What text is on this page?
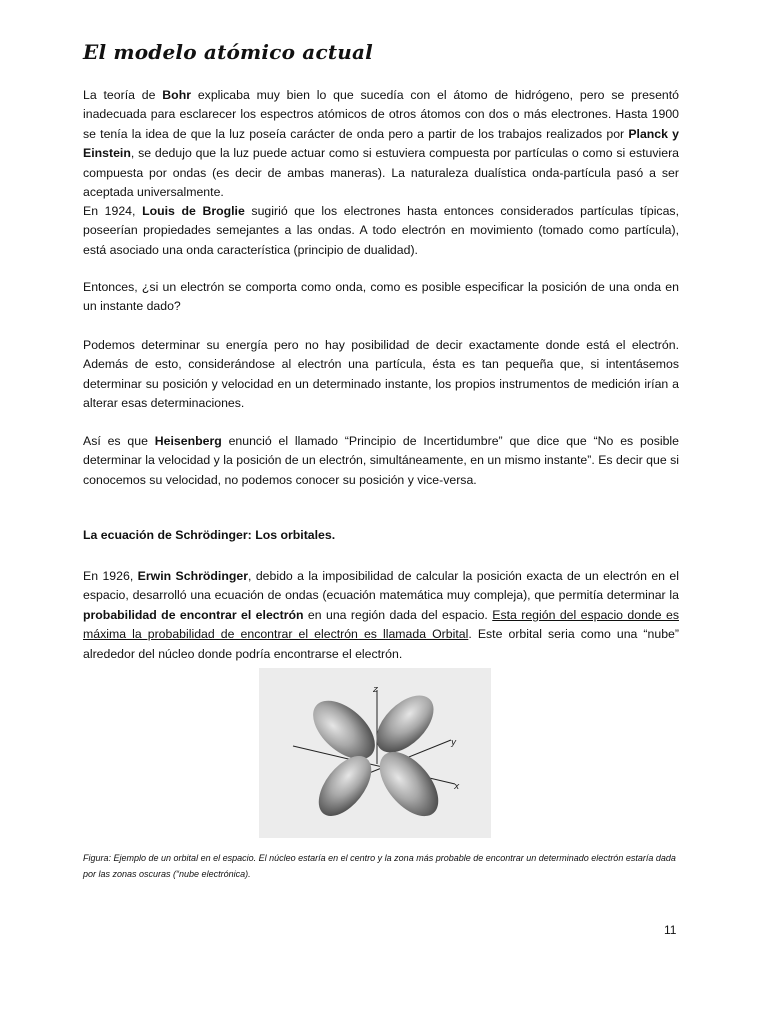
El modelo atómico actual

La teoría de Bohr explicaba muy bien lo que sucedía con el átomo de hidrógeno, pero se presentó inadecuada para esclarecer los espectros atómicos de otros átomos con dos o más electrones. Hasta 1900 se tenía la idea de que la luz poseía carácter de onda pero a partir de los trabajos realizados por Planck y Einstein, se dedujo que la luz puede actuar como si estuviera compuesta por partículas o como si estuviera compuesta por ondas (es decir de ambas maneras). La naturaleza dualística onda-partícula pasó a ser aceptada universalmente.

En 1924, Louis de Broglie sugirió que los electrones hasta entonces considerados partículas típicas, poseerían propiedades semejantes a las ondas. A todo electrón en movimiento (tomado como partícula), está asociado una onda característica (principio de dualidad).

Entonces, ¿si un electrón se comporta como onda, como es posible especificar la posición de una onda en un instante dado?

Podemos determinar su energía pero no hay posibilidad de decir exactamente donde está el electrón. Además de esto, considerándose al electrón una partícula, ésta es tan pequeña que, si intentásemos determinar su posición y velocidad en un determinado instante, los propios instrumentos de medición irían a alterar esas determinaciones.

Así es que Heisenberg enunció el llamado “Principio de Incertidumbre” que dice que “No es posible determinar la velocidad y la posición de un electrón, simultáneamente, en un mismo instante”. Es decir que si conocemos su velocidad, no podemos conocer su posición y vice-versa.

La ecuación de Schrödinger: Los orbitales.

En 1926, Erwin Schrödinger, debido a la imposibilidad de calcular la posición exacta de un electrón en el espacio, desarrolló una ecuación de ondas (ecuación matemática muy compleja), que permitía determinar la probabilidad de encontrar el electrón en una región dada del espacio. Esta región del espacio donde es máxima la probabilidad de encontrar el electrón es llamada Orbital. Este orbital seria como una “nube” alrededor del núcleo donde podría encontrarse el electrón.

z
y
x

Figura: Ejemplo de un orbital en el espacio. El núcleo estaría en el centro y la zona más probable de encontrar un determinado electrón estaría dada por las zonas oscuras (“nube electrónica).

11
